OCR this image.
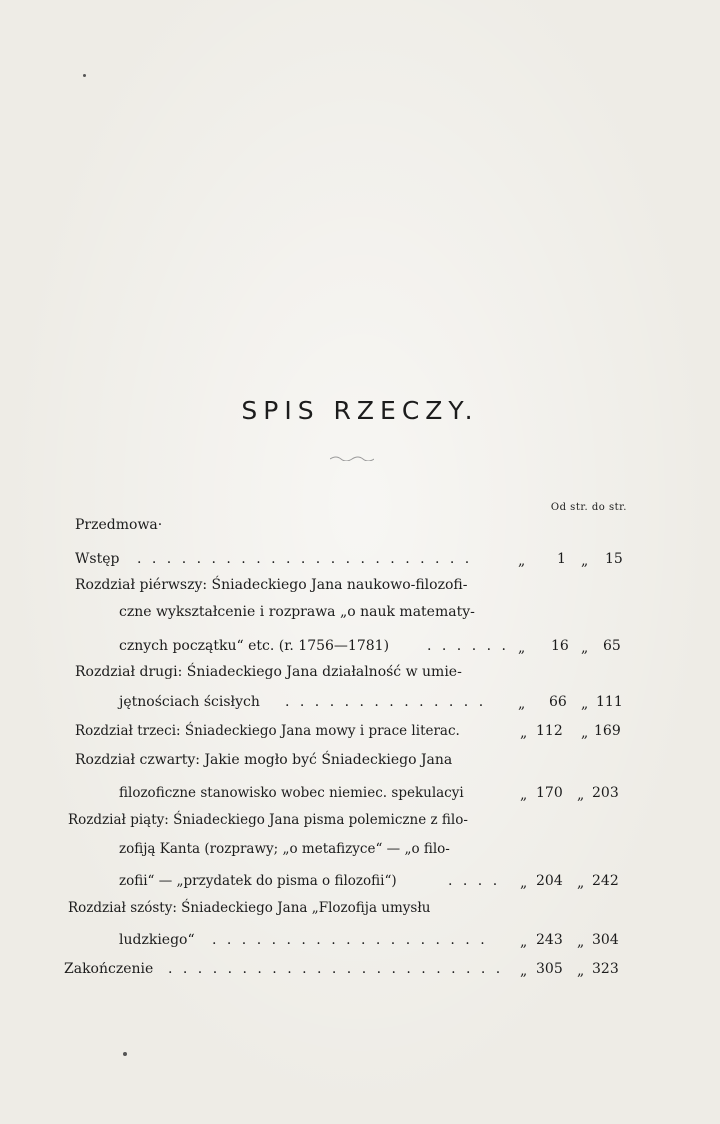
SPIS RZECZY.
Od str. do str.
Przedmowa·
Wstęp . . . . . . . . . . . . . . . . . . . . . . .	„ 1 „ 15
Rozdział piérwszy: Śniadeckiego Jana naukowo-filozofi-
czne wykształcenie i rozprawa „o nauk matematy-
cznych początku“ etc. (r. 1756—1781)	. . . . . . „ 16 „ 65
Rozdział drugi: Śniadeckiego Jana działalność w umie-
jętnościach ścisłych . . . . . . . . . . . . . . „ 66 „ 111
Rozdział trzeci: Śniadeckiego Jana mowy i prace literac.	„ 112 „ 169
Rozdział czwarty: Jakie mogło być Śniadeckiego Jana
filozoficzne stanowisko wobec niemiec. spekulacyi	„ 170 „ 203
Rozdział piąty: Śniadeckiego Jana pisma polemiczne z filo-
zofiją Kanta (rozprawy; „o metafizyce“ — „o filo-
zofii“ — „przydatek do pisma o filozofii“)	. . . . „ 204 „ 242
Rozdział szósty: Śniadeckiego Jana „Flozofija umysłu
ludzkiego“ . . . . . . . . . . . . . . . . . . . „ 243 „ 304
Zakończenie . . . . . . . . . . . . . . . . . . . . . . . „ 305 „ 323
